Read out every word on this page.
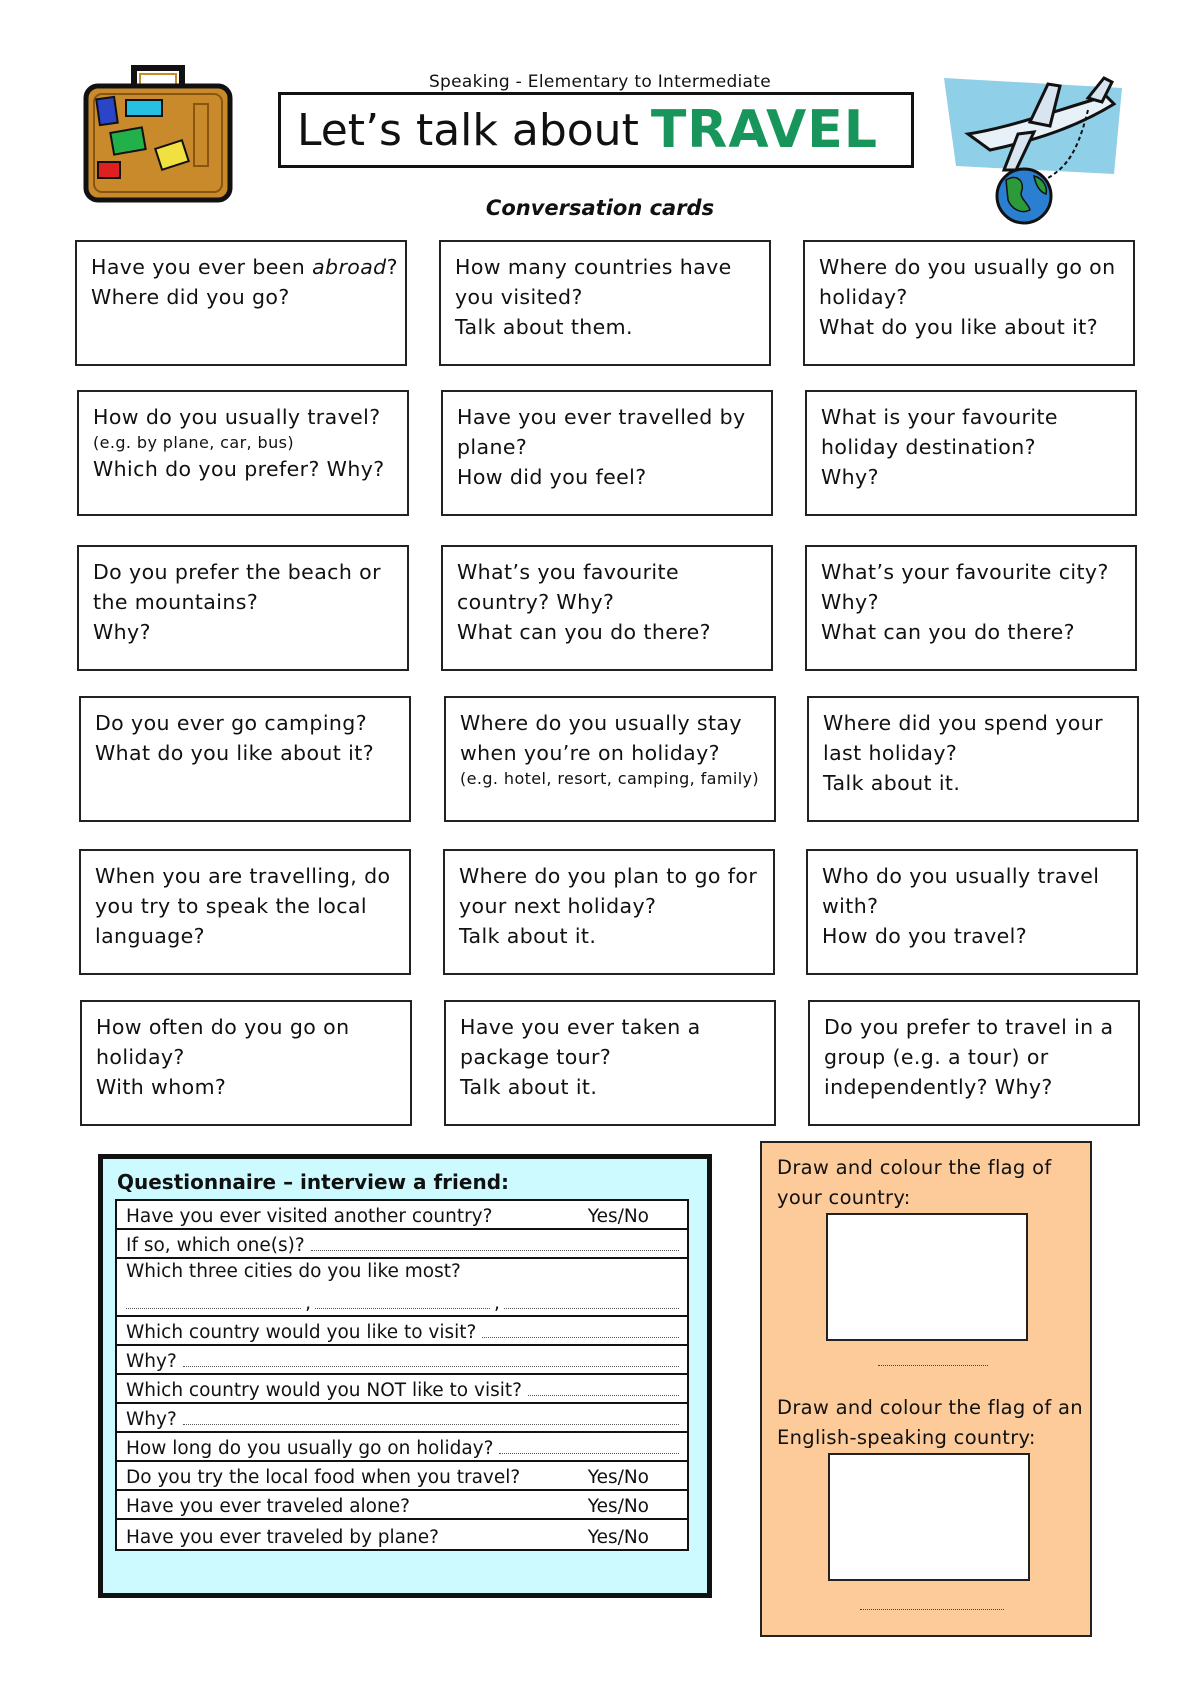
Speaking - Elementary to Intermediate
Let’s talk about TRAVEL
Conversation cards
Have you ever been abroad?
Where did you go?
How many countries have
you visited?
Talk about them.
Where do you usually go on
holiday?
What do you like about it?
How do you usually travel?
(e.g. by plane, car, bus)
Which do you prefer? Why?
Have you ever travelled by
plane?
How did you feel?
What is your favourite
holiday destination?
Why?
Do you prefer the beach or
the mountains?
Why?
What’s you favourite
country? Why?
What can you do there?
What’s your favourite city?
Why?
What can you do there?
Do you ever go camping?
What do you like about it?
Where do you usually stay
when you’re on holiday?
(e.g. hotel, resort, camping, family)
Where did you spend your
last holiday?
Talk about it.
When you are travelling, do
you try to speak the local
language?
Where do you plan to go for
your next holiday?
Talk about it.
Who do you usually travel
with?
How do you travel?
How often do you go on
holiday?
With whom?
Have you ever taken a
package tour?
Talk about it.
Do you prefer to travel in a
group (e.g. a tour) or
independently? Why?
Questionnaire – interview a friend:
Have you ever visited another country?	Yes/No
If so, which one(s)?
Which three cities do you like most?
,	,
Which country would you like to visit?
Why?
Which country would you NOT like to visit?
Why?
How long do you usually go on holiday?
Do you try the local food when you travel?	Yes/No
Have you ever traveled alone?	Yes/No
Have you ever traveled by plane?	Yes/No
Draw and colour the flag of
your country:
Draw and colour the flag of an
English-speaking country:
